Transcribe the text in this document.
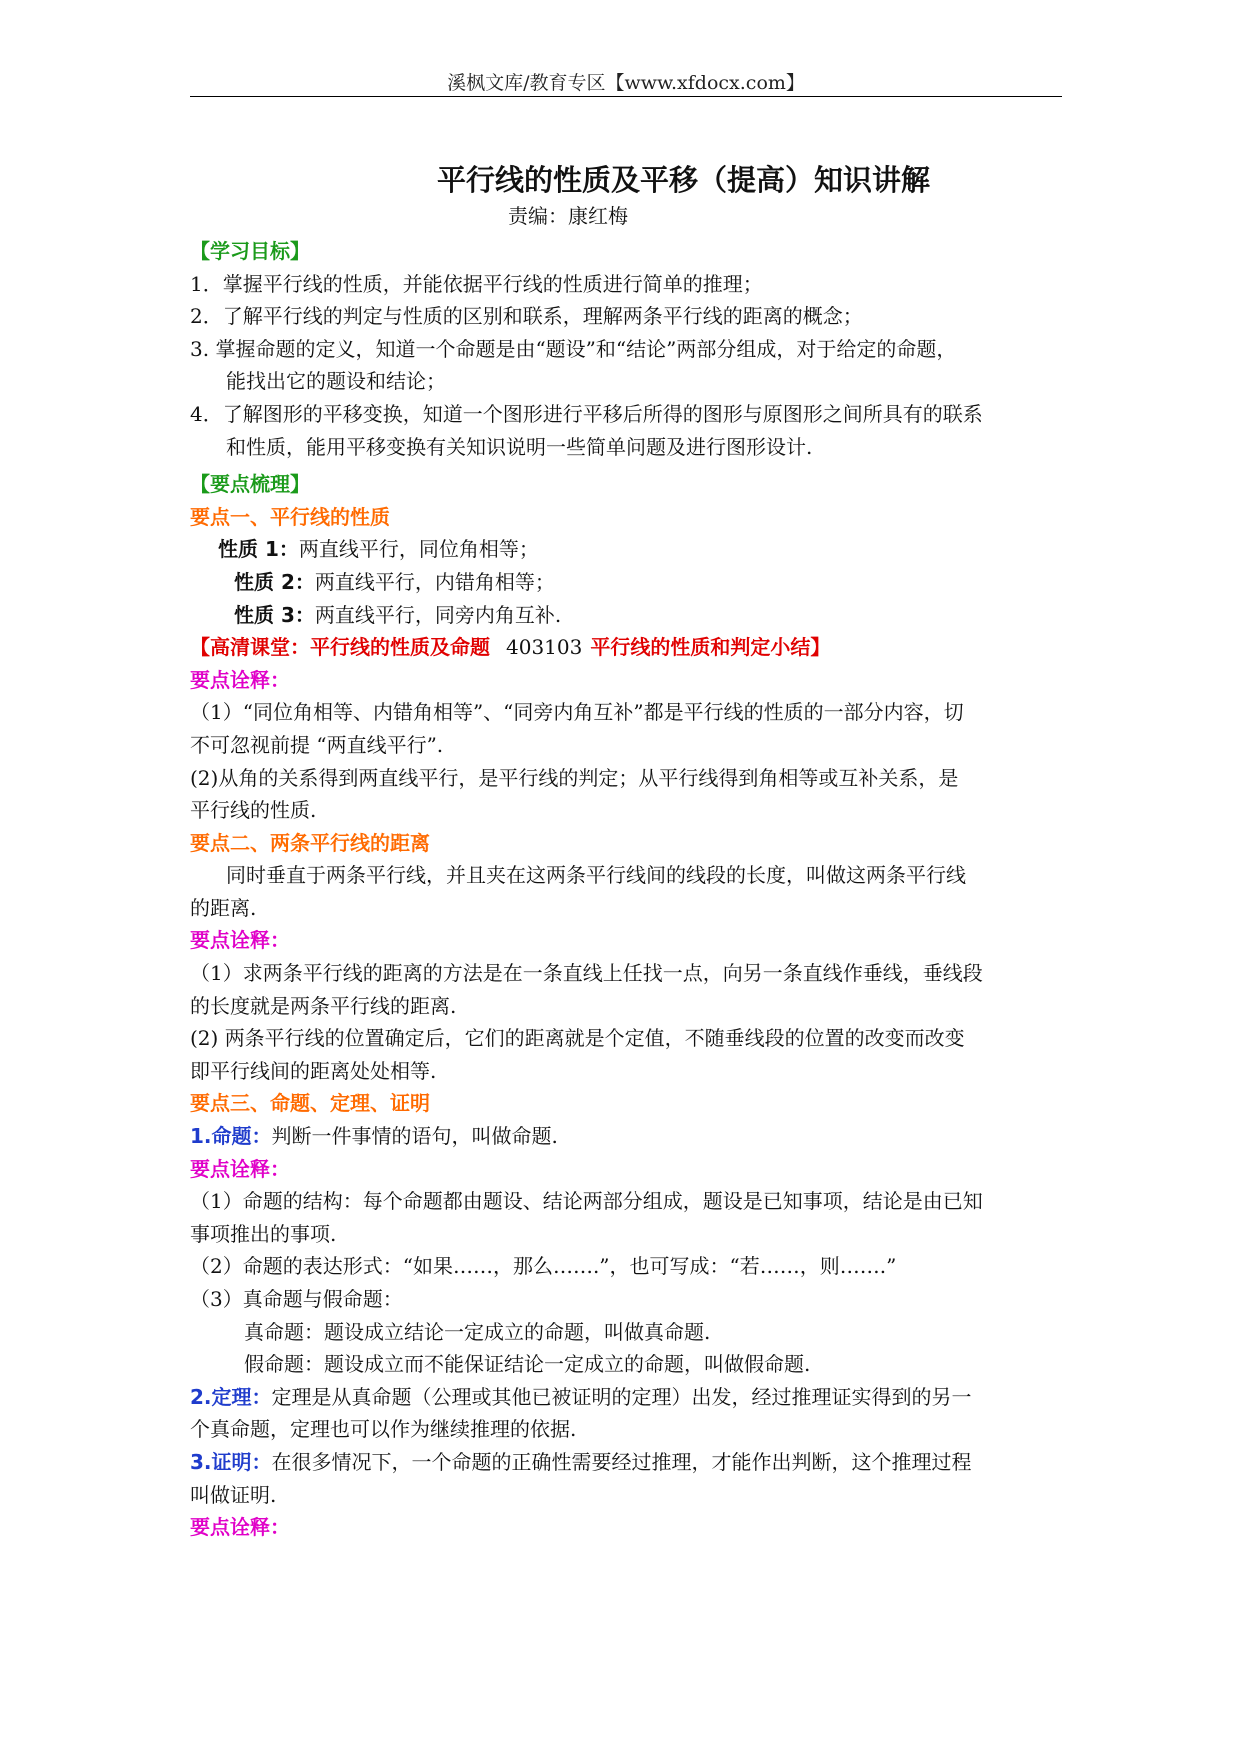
溪枫文库/教育专区【www.xfdocx.com】

平行线的性质及平移（提高）知识讲解

责编：康红梅

【学习目标】

1．掌握平行线的性质，并能依据平行线的性质进行简单的推理；

2．了解平行线的判定与性质的区别和联系，理解两条平行线的距离的概念；

3. 掌握命题的定义，知道一个命题是由“题设”和“结论”两部分组成，对于给定的命题，

能找出它的题设和结论；

4．了解图形的平移变换，知道一个图形进行平移后所得的图形与原图形之间所具有的联系

和性质，能用平移变换有关知识说明一些简单问题及进行图形设计.

【要点梳理】

要点一、平行线的性质

性质 1：两直线平行，同位角相等；

性质 2：两直线平行，内错角相等；

性质 3：两直线平行，同旁内角互补.

【高清课堂：平行线的性质及命题 403103 平行线的性质和判定小结】

要点诠释：

（1）“同位角相等、内错角相等”、“同旁内角互补”都是平行线的性质的一部分内容，切

不可忽视前提 “两直线平行”.

(2)从角的关系得到两直线平行，是平行线的判定；从平行线得到角相等或互补关系，是

平行线的性质.

要点二、两条平行线的距离

同时垂直于两条平行线，并且夹在这两条平行线间的线段的长度，叫做这两条平行线

的距离.

要点诠释：

（1）求两条平行线的距离的方法是在一条直线上任找一点，向另一条直线作垂线，垂线段

的长度就是两条平行线的距离.

(2) 两条平行线的位置确定后，它们的距离就是个定值，不随垂线段的位置的改变而改变

即平行线间的距离处处相等.

要点三、命题、定理、证明

1.命题：判断一件事情的语句，叫做命题.

要点诠释：

（1）命题的结构：每个命题都由题设、结论两部分组成，题设是已知事项，结论是由已知

事项推出的事项.

（2）命题的表达形式：“如果……，那么…….”，也可写成：“若……，则…….”

（3）真命题与假命题：

真命题：题设成立结论一定成立的命题，叫做真命题.

假命题：题设成立而不能保证结论一定成立的命题，叫做假命题.

2.定理：定理是从真命题（公理或其他已被证明的定理）出发，经过推理证实得到的另一

个真命题，定理也可以作为继续推理的依据.

3.证明：在很多情况下，一个命题的正确性需要经过推理，才能作出判断，这个推理过程

叫做证明.

要点诠释：
